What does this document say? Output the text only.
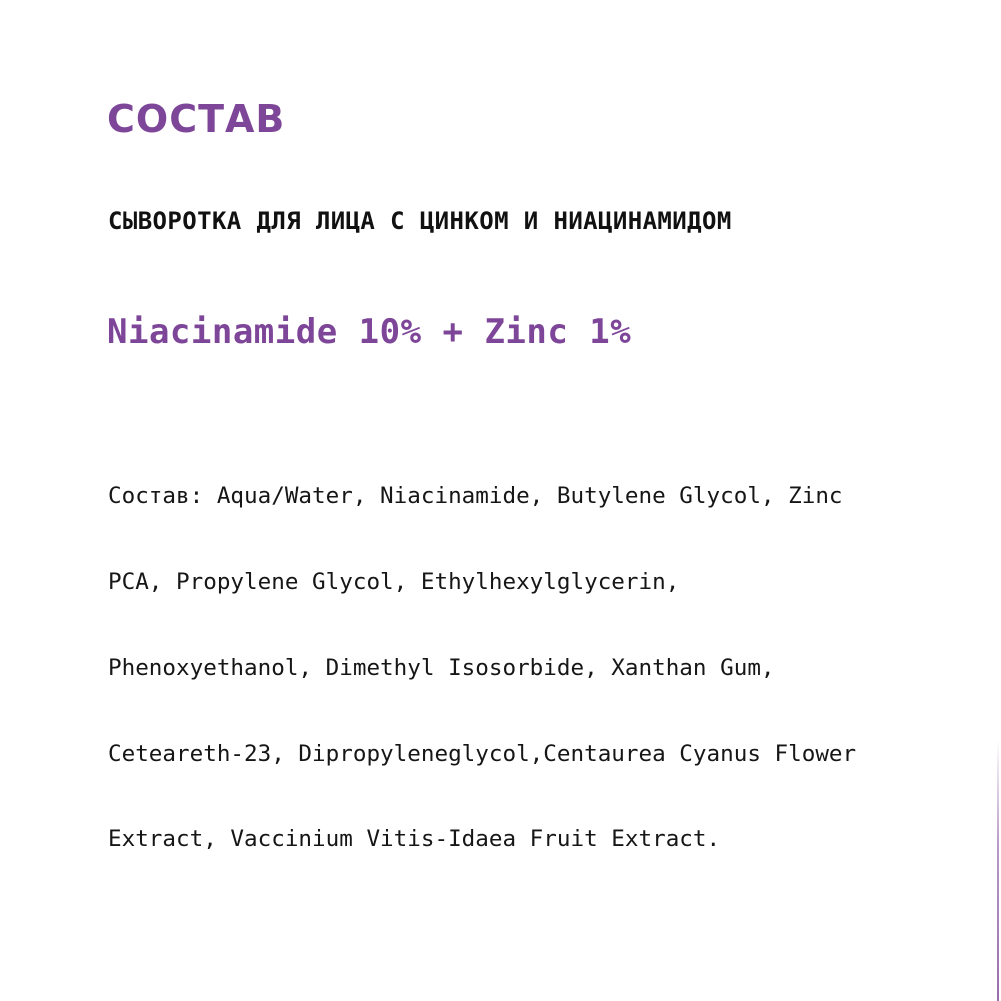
СОСТАВ
СЫВОРОТКА ДЛЯ ЛИЦА С ЦИНКОМ И НИАЦИНАМИДОМ
Niacinamide 10% + Zinc 1%

Состав: Aqua/Water, Niacinamide, Butylene Glycol, Zinc

PCA, Propylene Glycol, Ethylhexylglycerin,

Phenoxyethanol, Dimethyl Isosorbide, Xanthan Gum,

Ceteareth-23, Dipropyleneglycol,Centaurea Cyanus Flower

Extract, Vaccinium Vitis-Idaea Fruit Extract.
